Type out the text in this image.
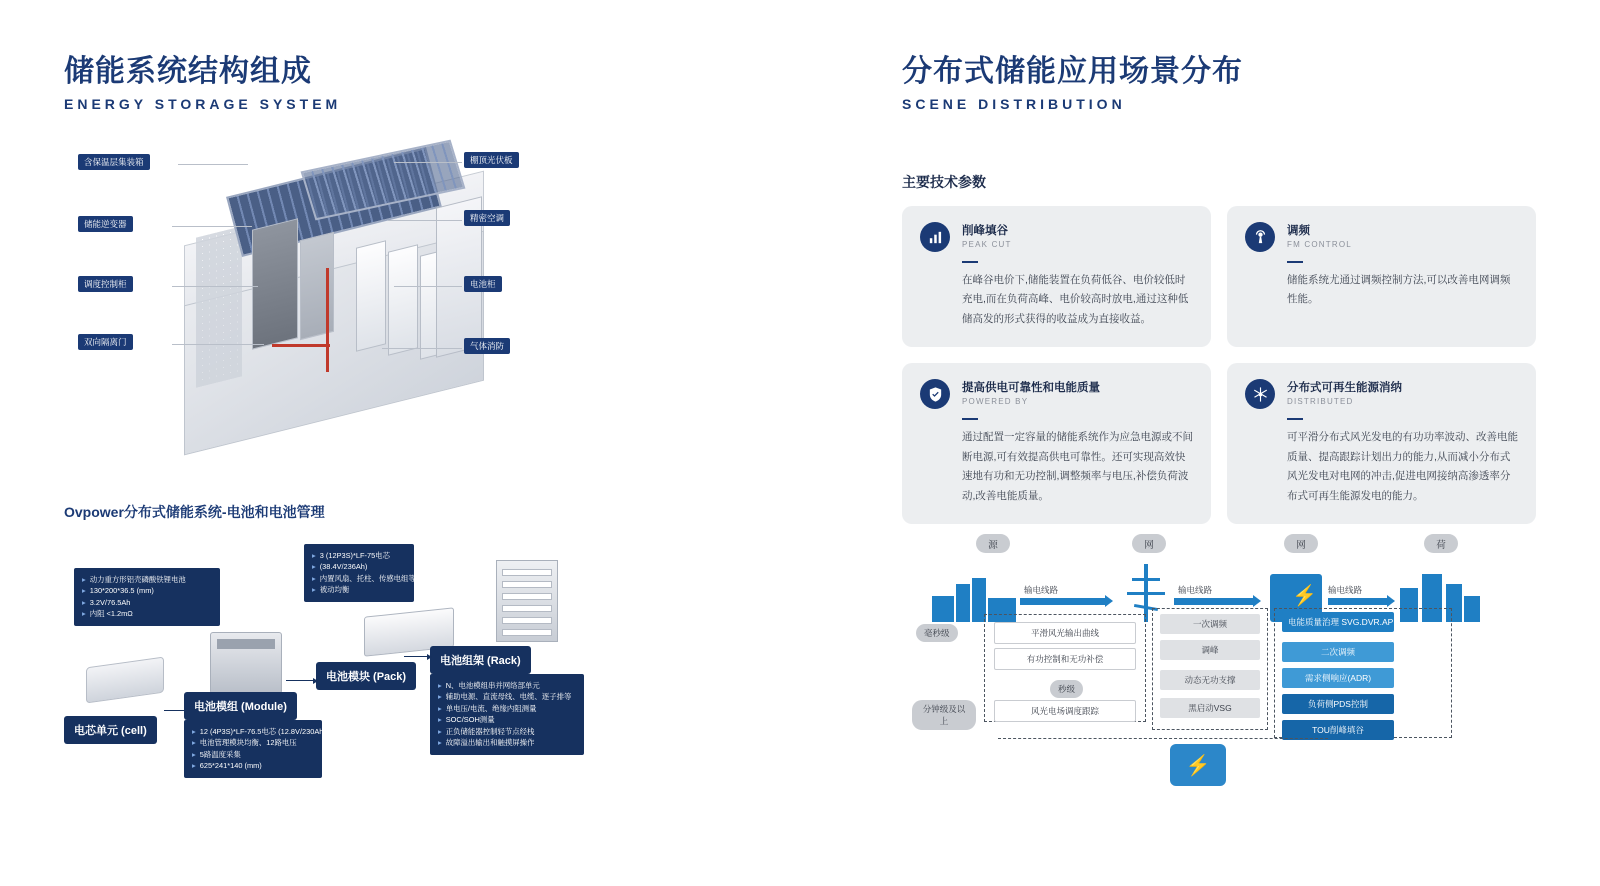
储能系统结构组成
ENERGY STORAGE SYSTEM
含保温层集装箱
储能逆变器
调度控制柜
双向隔离门
棚顶光伏板
精密空调
电池柜
气体消防
Ovpower分布式储能系统-电池和电池管理
▸ 动力重方形铝壳磷酸铁锂电池
▸ 130*200*36.5 (mm)
▸ 3.2V/76.5Ah
▸ 内阻 <1.2mΩ
电芯单元 (cell)
电池模组 (Module)
▸ 12 (4P3S)*LF-76.5电芯 (12.8V/230Ah)
▸ 电池管理模块均衡、12路电压
▸ 5路温度采集
▸ 625*241*140 (mm)
▸ 3 (12P3S)*LF-75电芯
▸ (38.4V/236Ah)
▸ 内置风扇、托柱、传感电组等
▸ 被动均衡
电池模块 (Pack)
电池组架 (Rack)
▸ N、电池模组串并网络部单元
▸ 辅助电源、直流母线、电缆、逐子排等
▸ 单电压/电流、绝缘内阻测量
▸ SOC/SOH测量
▸ 正负储能器控制轻节点经栈
▸ 故障溢出输出和触摸屏操作
分布式储能应用场景分布
SCENE DISTRIBUTION
主要技术参数
削峰填谷
PEAK CUT
在峰谷电价下,储能装置在负荷低谷、电价较低时充电,而在负荷高峰、电价较高时放电,通过这种低储高发的形式获得的收益成为直接收益。
调频
FM CONTROL
储能系统尤通过调频控制方法,可以改善电网调频性能。
提高供电可靠性和电能质量
POWERED BY
通过配置一定容量的储能系统作为应急电源或不间断电源,可有效提高供电可靠性。还可实现高效快速地有功和无功控制,调整频率与电压,补偿负荷波动,改善电能质量。
分布式可再生能源消纳
DISTRIBUTED
可平滑分布式风光发电的有功功率波动、改善电能质量、提高跟踪计划出力的能力,从而减小分布式风光发电对电网的冲击,促进电网接纳高渗透率分布式可再生能源发电的能力。
源	网	网	荷
⚡
输电线路	输电线路	输电线路
毫秒级
秒级
分钟级及以上
平滑风光输出曲线
有功控制和无功补偿
风光电场调度跟踪
一次调频
调峰
动态无功支撑
黑启动VSG
电能质量治理 SVG.DVR.APF
二次调频
需求侧响应(ADR)
负荷侧PDS控制
TOU削峰填谷
⚡
